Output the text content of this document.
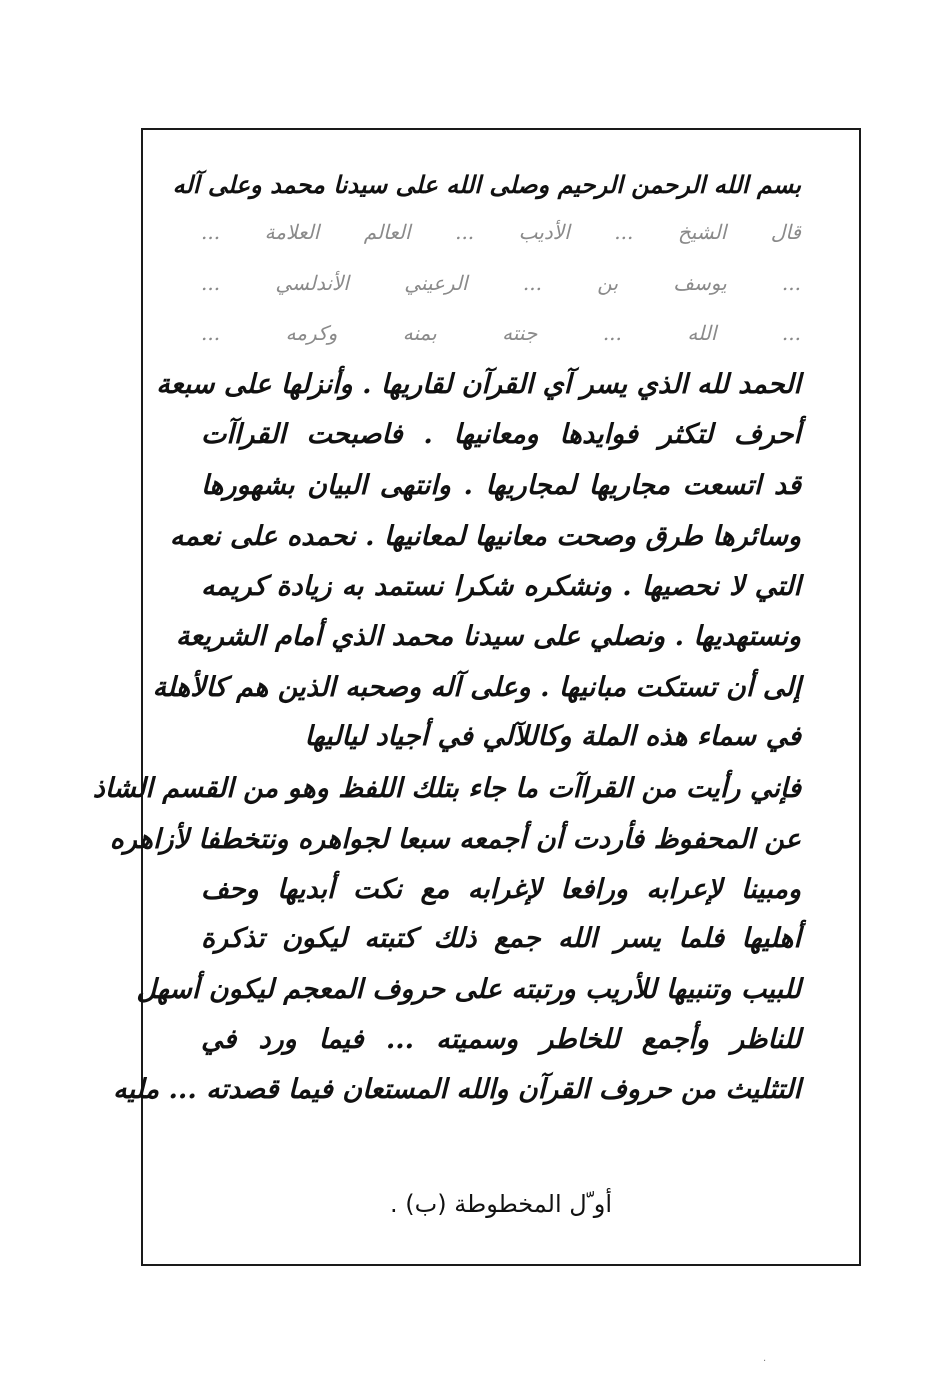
بسم الله الرحمن الرحيم وصلى الله على سيدنا محمد وعلى آله
قال الشيخ ... الأديب ... العالم العلامة ...
... يوسف بن ... الرعيني الأندلسي ...
... الله ... جنته بمنه وكرمه ...
الحمد لله الذي يسر آي القرآن لقاريها . وأنزلها على سبعة
أحرف لتكثر فوايدها ومعانيها . فاصبحت القراآت
قد اتسعت مجاريها لمجاريها . وانتهى البيان بشهورها
وسائرها طرق وصحت معانيها لمعانيها . نحمده على نعمه
التي لا نحصيها . ونشكره شكرا نستمد به زيادة كريمه
ونستهديها . ونصلي على سيدنا محمد الذي أمام الشريعة
إلى أن تستكت مبانيها . وعلى آله وصحبه الذين هم كالأهلة
في سماء هذه الملة وكاللآلي في أجياد لياليها
فإني رأيت من القراآت ما جاء بتلك اللفظ وهو من القسم الشاذ
عن المحفوظ فأردت أن أجمعه سبعا لجواهره ونتخطفا لأزاهره
ومبينا لإعرابه ورافعا لإغرابه مع نكت أبديها وحف
أهليها فلما يسر الله جمع ذلك كتبته ليكون تذكرة
للبيب وتنبيها للأريب ورتبته على حروف المعجم ليكون أسهل
للناظر وأجمع للخاطر وسميته ... فيما ورد في
التثليث من حروف القرآن والله المستعان فيما قصدته ... مليه
أو ّل المخطوطة (ب) .
·
